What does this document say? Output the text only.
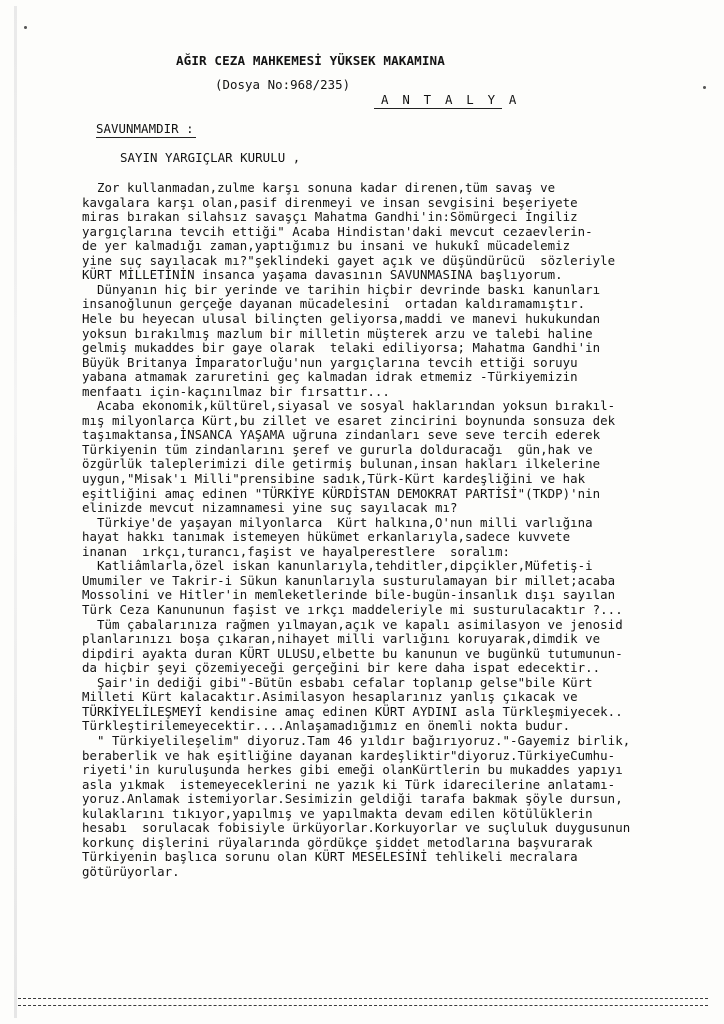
AĞIR CEZA MAHKEMESİ YÜKSEK MAKAMINA
(Dosya No:968/235)
A N T A L Y A
SAVUNMAMDIR :
SAYIN YARGIÇLAR KURULU ,
Zor kullanmadan,zulme karşı sonuna kadar direnen,tüm savaş ve
kavgalara karşı olan,pasif direnmeyi ve insan sevgisini beşeriyete
miras bırakan silahsız savaşçı Mahatma Gandhi'in:Sömürgeci İngiliz
yargıçlarına tevcih ettiği" Acaba Hindistan'daki mevcut cezaevlerin-
de yer kalmadığı zaman,yaptığımız bu insani ve hukukî mücadelemiz
yine suç sayılacak mı?"şeklindeki gayet açık ve düşündürücü  sözleriyle
KÜRT MİLLETİNİN insanca yaşama davasının SAVUNMASINA başlıyorum.
Dünyanın hiç bir yerinde ve tarihin hiçbir devrinde baskı kanunları
insanoğlunun gerçeğe dayanan mücadelesini  ortadan kaldıramamıştır.
Hele bu heyecan ulusal bilinçten geliyorsa,maddi ve manevi hukukundan
yoksun bırakılmış mazlum bir milletin müşterek arzu ve talebi haline
gelmiş mukaddes bir gaye olarak  telaki ediliyorsa; Mahatma Gandhi'in
Büyük Britanya İmparatorluğu'nun yargıçlarına tevcih ettiği soruyu
yabana atmamak zaruretini geç kalmadan idrak etmemiz -Türkiyemizin
menfaatı için-kaçınılmaz bir fırsattır...
Acaba ekonomik,kültürel,siyasal ve sosyal haklarından yoksun bırakıl-
mış milyonlarca Kürt,bu zillet ve esaret zincirini boynunda sonsuza dek
taşımaktansa,İNSANCA YAŞAMA uğruna zindanları seve seve tercih ederek
Türkiyenin tüm zindanlarını şeref ve gururla dolduracağı  gün,hak ve
özgürlük taleplerimizi dile getirmiş bulunan,insan hakları ilkelerine
uygun,"Misak'ı Milli"prensibine sadık,Türk-Kürt kardeşliğini ve hak
eşitliğini amaç edinen "TÜRKİYE KÜRDİSTAN DEMOKRAT PARTİSİ"(TKDP)'nin
elinizde mevcut nizamnamesi yine suç sayılacak mı?
Türkiye'de yaşayan milyonlarca  Kürt halkına,O'nun milli varlığına
hayat hakkı tanımak istemeyen hükümet erkanlarıyla,sadece kuvvete
inanan  ırkçı,turancı,faşist ve hayalperestlere  soralım:
Katliâmlarla,özel iskan kanunlarıyla,tehditler,dipçikler,Müfetiş-i
Umumiler ve Takrir-i Sükun kanunlarıyla susturulamayan bir millet;acaba
Mossolini ve Hitler'in memleketlerinde bile-bugün-insanlık dışı sayılan
Türk Ceza Kanununun faşist ve ırkçı maddeleriyle mi susturulacaktır ?...
Tüm çabalarınıza rağmen yılmayan,açık ve kapalı asimilasyon ve jenosid
planlarınızı boşa çıkaran,nihayet milli varlığını koruyarak,dimdik ve
dipdiri ayakta duran KÜRT ULUSU,elbette bu kanunun ve bugünkü tutumunun-
da hiçbir şeyi çözemiyeceği gerçeğini bir kere daha ispat edecektir..
Şair'in dediği gibi"-Bütün esbabı cefalar toplanıp gelse"bile Kürt
Milleti Kürt kalacaktır.Asimilasyon hesaplarınız yanlış çıkacak ve
TÜRKİYELİLEŞMEYİ kendisine amaç edinen KÜRT AYDINI asla Türkleşmiyecek..
Türkleştirilemeyecektir....Anlaşamadığımız en önemli nokta budur.
" Türkiyelileşelim" diyoruz.Tam 46 yıldır bağırıyoruz."-Gayemiz birlik,
beraberlik ve hak eşitliğine dayanan kardeşliktir"diyoruz.TürkiyeCumhu-
riyeti'in kuruluşunda herkes gibi emeği olanKürtlerin bu mukaddes yapıyı
asla yıkmak  istemeyeceklerini ne yazık ki Türk idarecilerine anlatamı-
yoruz.Anlamak istemiyorlar.Sesimizin geldiği tarafa bakmak şöyle dursun,
kulaklarını tıkıyor,yapılmış ve yapılmakta devam edilen kötülüklerin
hesabı  sorulacak fobisiyle ürküyorlar.Korkuyorlar ve suçluluk duygusunun
korkunç dişlerini rüyalarında gördükçe şiddet metodlarına başvurarak
Türkiyenin başlıca sorunu olan KÜRT MESELESİNİ tehlikeli mecralara
götürüyorlar.
